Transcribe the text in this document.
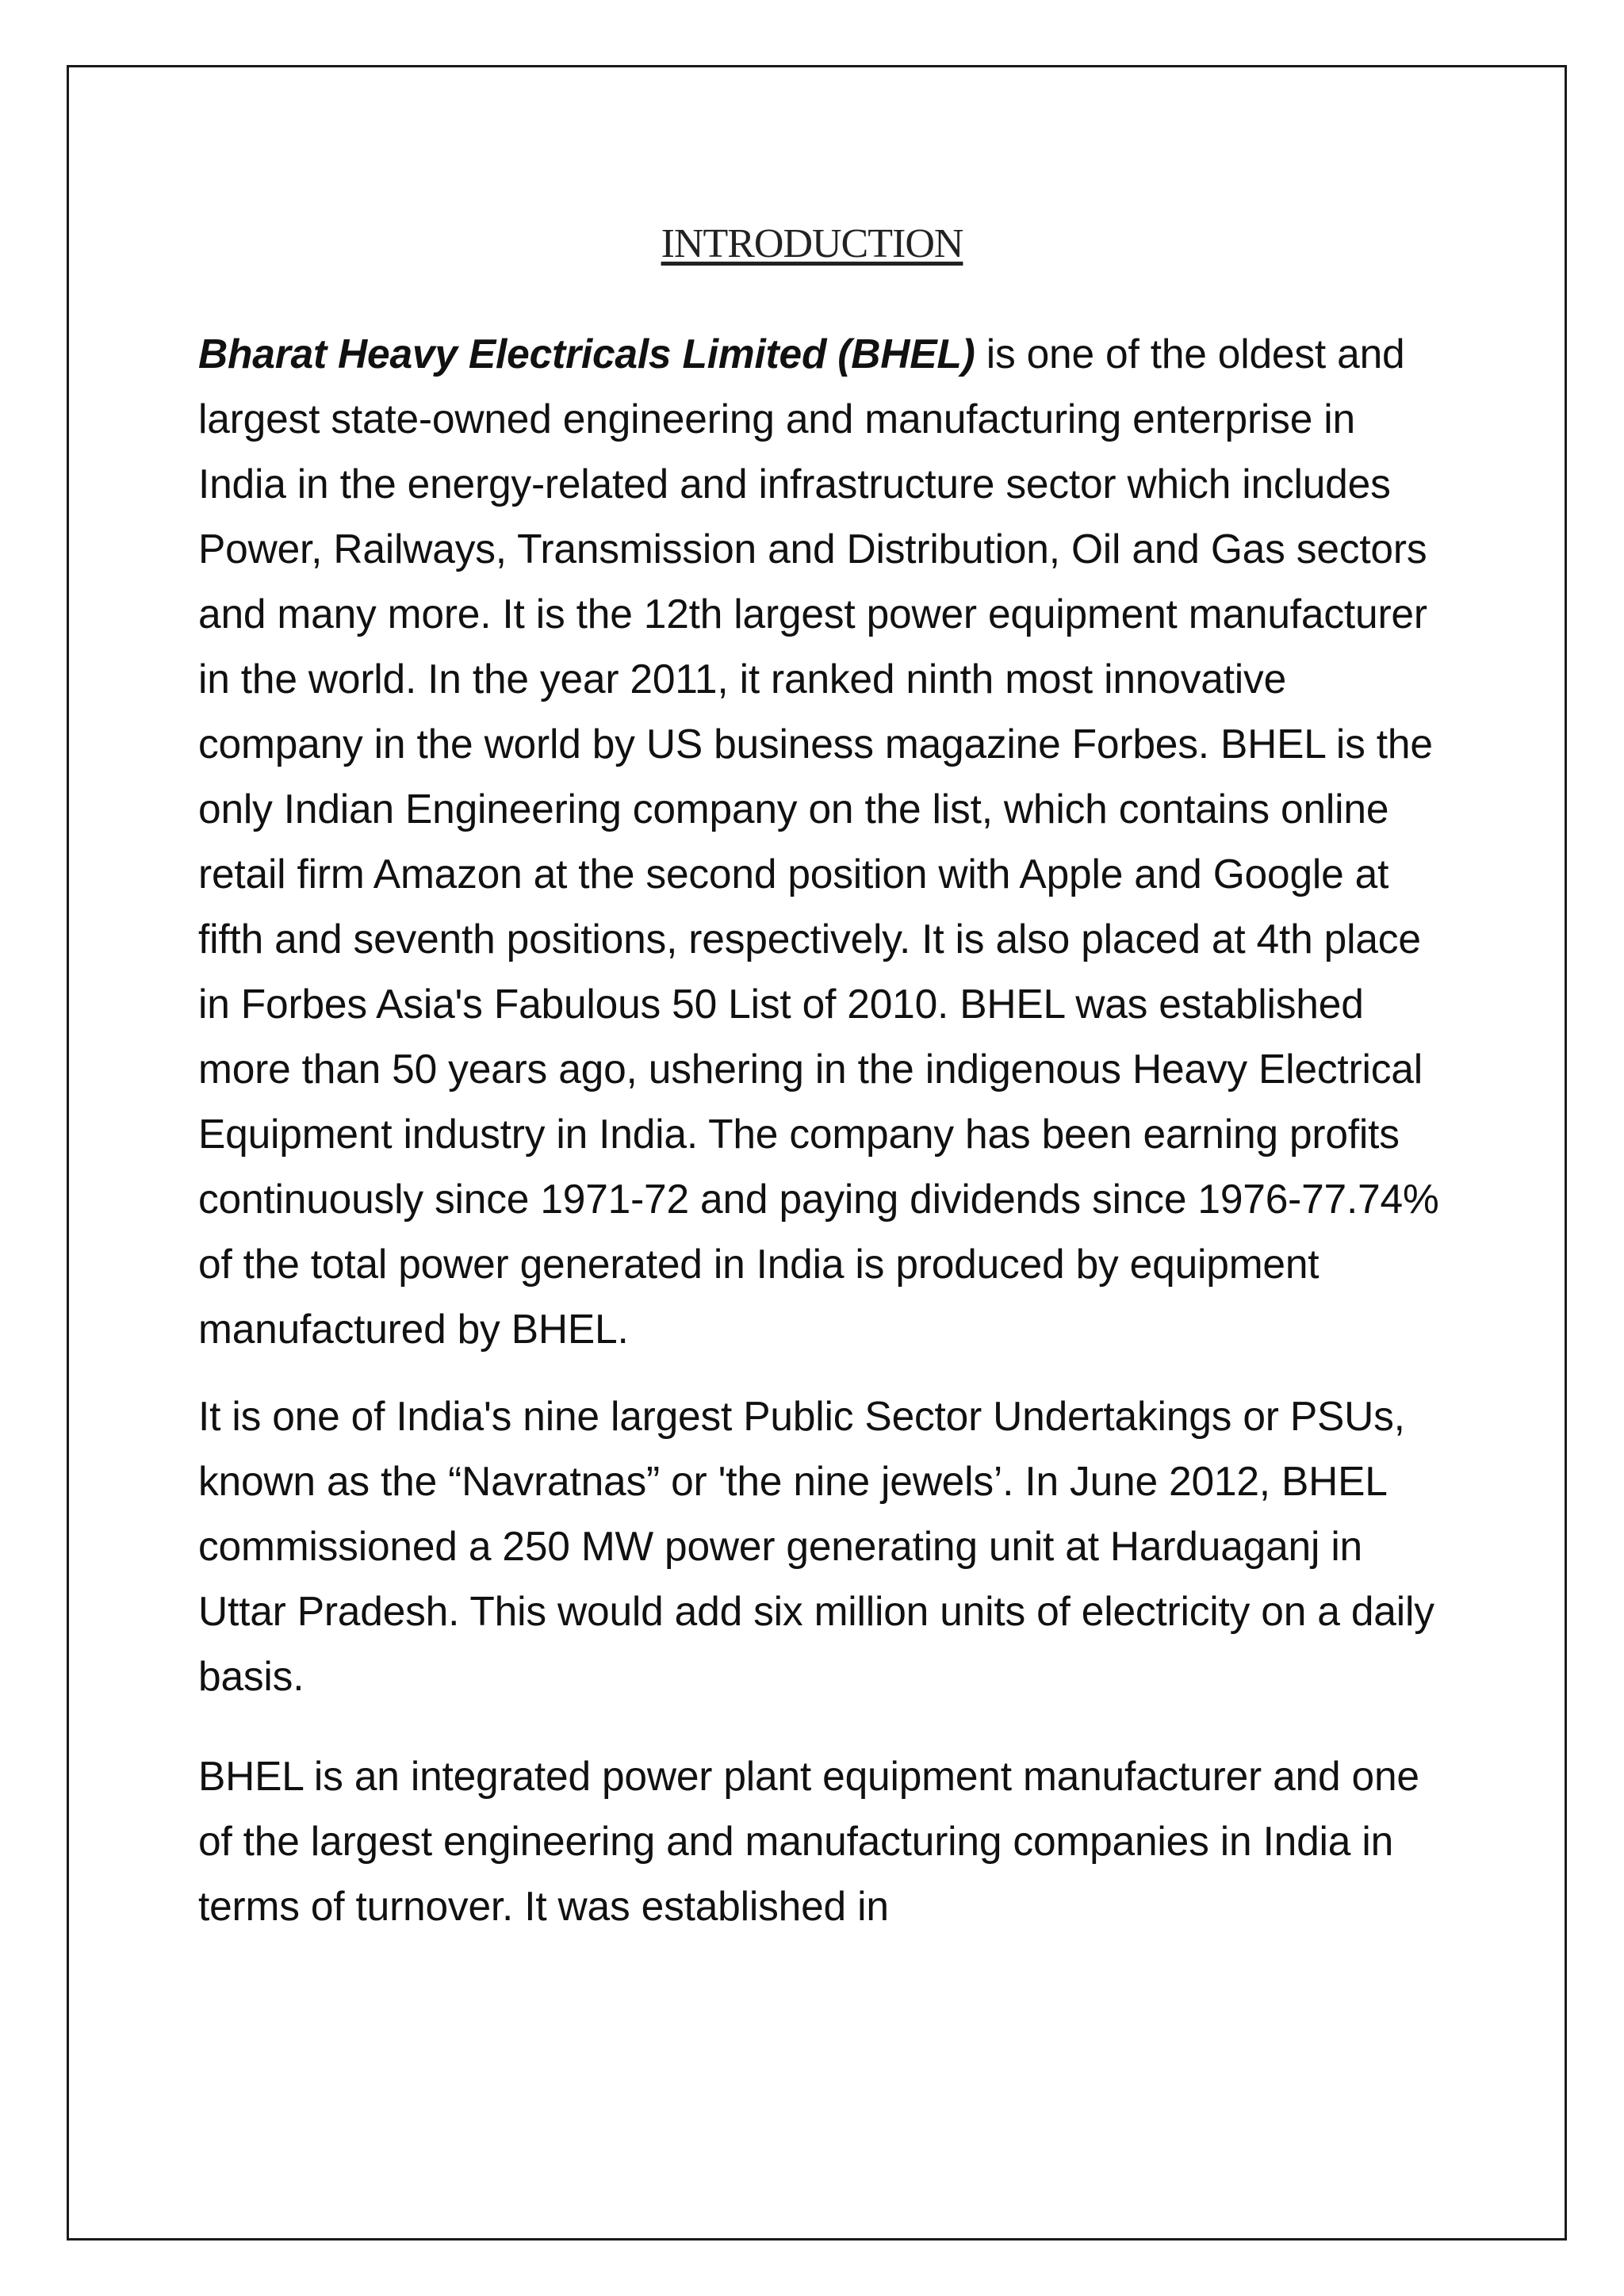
INTRODUCTION

Bharat Heavy Electricals Limited (BHEL) is one of the oldest and largest state-owned engineering and manufacturing enterprise in India in the energy-related and infrastructure sector which includes Power, Railways, Transmission and Distribution, Oil and Gas sectors and many more. It is the 12th largest power equipment manufacturer in the world. In the year 2011, it ranked ninth most innovative company in the world by US business magazine Forbes. BHEL is the only Indian Engineering company on the list, which contains online retail firm Amazon at the second position with Apple and Google at fifth and seventh positions, respectively. It is also placed at 4th place in Forbes Asia's Fabulous 50 List of 2010. BHEL was established more than 50 years ago, ushering in the indigenous Heavy Electrical Equipment industry in India. The company has been earning profits continuously since 1971-72 and paying dividends since 1976-77.74% of the total power generated in India is produced by equipment manufactured by BHEL.

It is one of India's nine largest Public Sector Undertakings or PSUs, known as the “Navratnas” or 'the nine jewels’. In June 2012, BHEL commissioned a 250 MW power generating unit at Harduaganj in Uttar Pradesh. This would add six million units of electricity on a daily basis.

BHEL is an integrated power plant equipment manufacturer and one of the largest engineering and manufacturing companies in India in terms of turnover. It was established in
